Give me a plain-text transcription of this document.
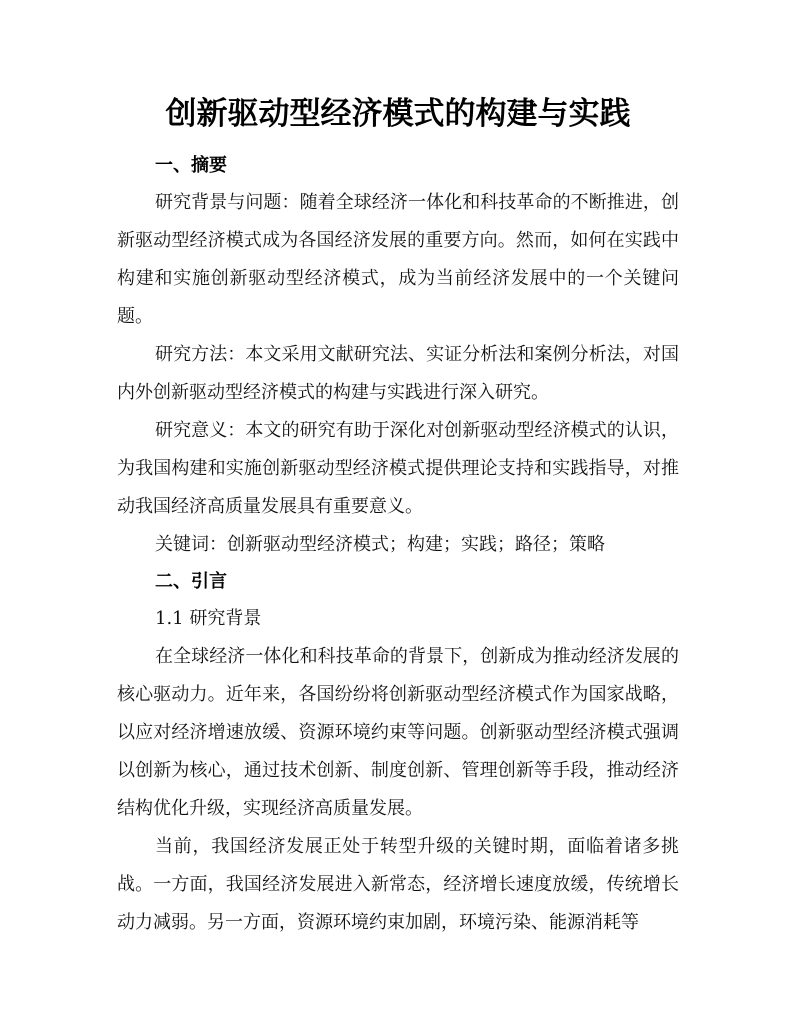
创新驱动型经济模式的构建与实践
一、摘要

研究背景与问题：随着全球经济一体化和科技革命的不断推进，创新驱动型经济模式成为各国经济发展的重要方向。然而，如何在实践中构建和实施创新驱动型经济模式，成为当前经济发展中的一个关键问题。

研究方法：本文采用文献研究法、实证分析法和案例分析法，对国内外创新驱动型经济模式的构建与实践进行深入研究。

研究意义：本文的研究有助于深化对创新驱动型经济模式的认识，为我国构建和实施创新驱动型经济模式提供理论支持和实践指导，对推动我国经济高质量发展具有重要意义。

关键词：创新驱动型经济模式；构建；实践；路径；策略

二、引言

1.1 研究背景

在全球经济一体化和科技革命的背景下，创新成为推动经济发展的核心驱动力。近年来，各国纷纷将创新驱动型经济模式作为国家战略，以应对经济增速放缓、资源环境约束等问题。创新驱动型经济模式强调以创新为核心，通过技术创新、制度创新、管理创新等手段，推动经济结构优化升级，实现经济高质量发展。

当前，我国经济发展正处于转型升级的关键时期，面临着诸多挑战。一方面，我国经济发展进入新常态，经济增长速度放缓，传统增长动力减弱。另一方面，资源环境约束加剧，环境污染、能源消耗等
